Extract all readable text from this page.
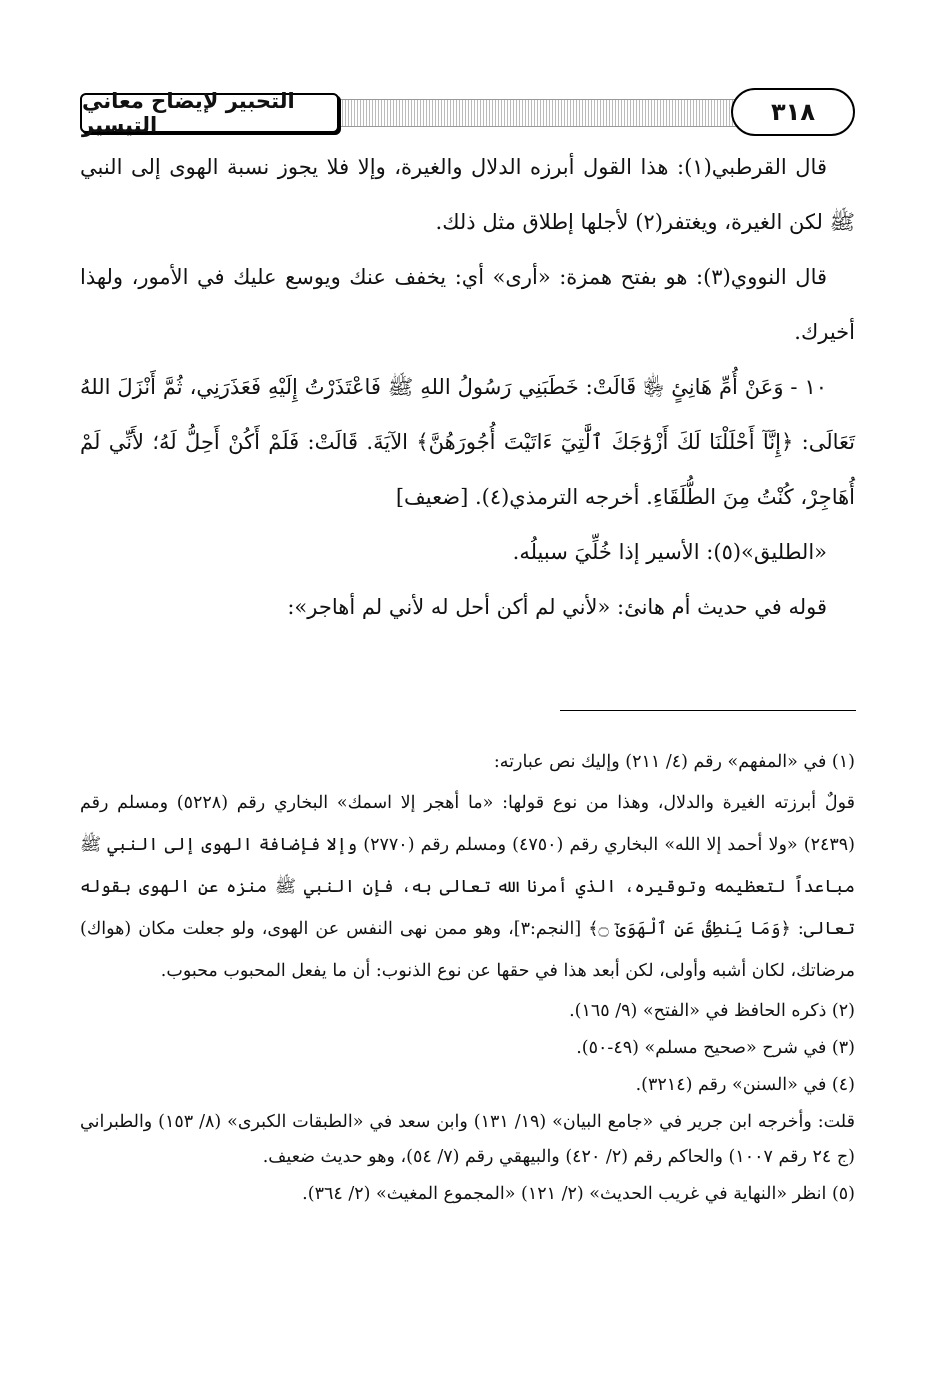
التحبير لإيضاح معاني التيسير	٣١٨

قال القرطبي(١): هذا القول أبرزه الدلال والغيرة، وإلا فلا يجوز نسبة الهوى إلى النبي ﷺ لكن الغيرة، ويغتفر(٢) لأجلها إطلاق مثل ذلك.

قال النووي(٣): هو بفتح همزة: «أرى» أي: يخفف عنك ويوسع عليك في الأمور، ولهذا أخيرك.

١٠ - وَعَنْ أُمِّ هَانِئٍ ﵂ قَالَتْ: خَطَبَنِي رَسُولُ اللهِ ﷺ فَاعْتَذَرْتُ إِلَيْهِ فَعَذَرَنِي، ثُمَّ أَنْزَلَ اللهُ تَعَالَى: ﴿إِنَّآ أَحْلَلْنَا لَكَ أَزْوَٰجَكَ ٱلَّٰتِيٓ ءَاتَيْتَ أُجُورَهُنَّ﴾ الآيَةَ. قَالَتْ: فَلَمْ أَكُنْ أَحِلُّ لَهُ؛ لأَنِّي لَمْ أُهَاجِرْ، كُنْتُ مِنَ الطُّلَقَاءِ. أخرجه الترمذي(٤). [ضعيف]

«الطليق»(٥): الأسير إذا خُلِّيَ سبيلُه.

قوله في حديث أم هانئ: «لأني لم أكن أحل له لأني لم أهاجر»:

(١) في «المفهم» رقم (٤/ ٢١١) وإليك نص عبارته:

قولٌ أبرزته الغيرة والدلال، وهذا من نوع قولها: «ما أهجر إلا اسمك» البخاري رقم (٥٢٢٨) ومسلم رقم (٢٤٣٩) «ولا أحمد إلا الله» البخاري رقم (٤٧٥٠) ومسلم رقم (٢٧٧٠) وإلا فإضافة الهوى إلى النبي ﷺ مباعداً لتعظيمه وتوقيره، الذي أمرنا الله تعالى به، فإن النبي ﷺ منزه عن الهوى بقوله تعالى: ﴿وَمَا يَنطِقُ عَنِ ٱلْهَوَىٰٓ ۝﴾ [النجم:٣]، وهو ممن نهى النفس عن الهوى، ولو جعلت مكان (هواك) مرضاتك، لكان أشبه وأولى، لكن أبعد هذا في حقها عن نوع الذنوب: أن ما يفعل المحبوب محبوب.

(٢) ذكره الحافظ في «الفتح» (٩/ ١٦٥).

(٣) في شرح «صحيح مسلم» (٤٩-٥٠).

(٤) في «السنن» رقم (٣٢١٤).

قلت: وأخرجه ابن جرير في «جامع البيان» (١٩/ ١٣١) وابن سعد في «الطبقات الكبرى» (٨/ ١٥٣) والطبراني (ج ٢٤ رقم ١٠٠٧) والحاكم رقم (٢/ ٤٢٠) والبيهقي رقم (٧/ ٥٤)، وهو حديث ضعيف.

(٥) انظر «النهاية في غريب الحديث» (٢/ ١٢١) «المجموع المغيث» (٢/ ٣٦٤).
